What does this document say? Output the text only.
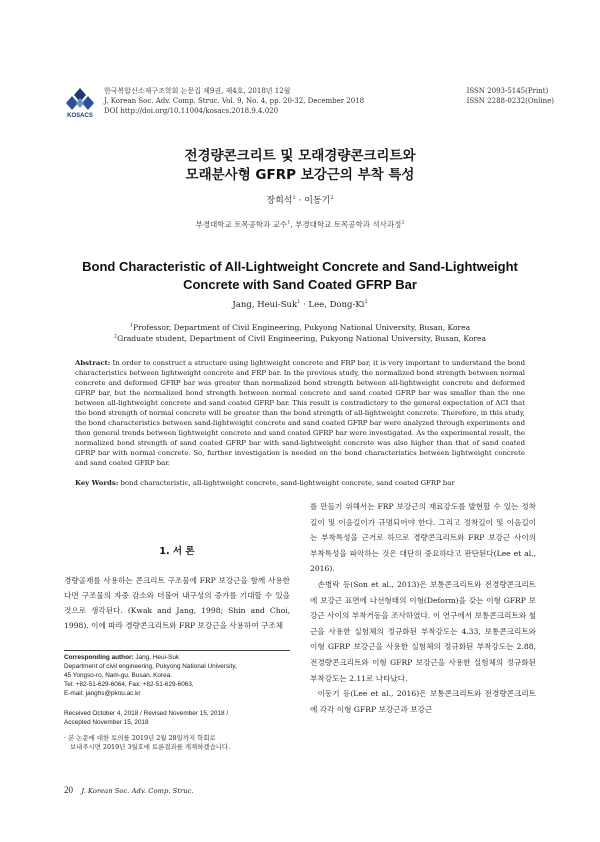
KOSACS
한국복합신소재구조학회 논문집 제9권, 제4호, 2018년 12월
J. Korean Soc. Adv. Comp. Struc. Vol. 9, No. 4, pp. 20-32, December 2018
DOI http://doi.org/10.11004/kosacs.2018.9.4.020
ISSN 2093-5145(Print)
ISSN 2288-0232(Online)
전경량콘크리트 및 모래경량콘크리트와
모래분사형 GFRP 보강근의 부착 특성
장희석$^1$ · 이동기$^2$
부경대학교 토목공학과 교수$^1$, 부경대학교 토목공학과 석사과정$^2$
Bond Characteristic of All-Lightweight Concrete and Sand-Lightweight
Concrete with Sand Coated GFRP Bar
Jang, Heui-Suk$^1$ · Lee, Dong-Ki$^2$
$^1$Professor, Department of Civil Engineering, Pukyong National University, Busan, Korea
$^2$Graduate student, Department of Civil Engineering, Pukyong National University, Busan, Korea
Abstract: In order to construct a structure using lightweight concrete and FRP bar, it is very important to understand the bond characteristics between lightweight concrete and FRP bar. In the previous study, the normalized bond strength between normal concrete and deformed GFRP bar was greater than normalized bond strength between all-lightweight concrete and deformed GFRP bar, but the normalized bond strength between normal concrete and sand coated GFRP bar was smaller than the one between all-lightweight concrete and sand coated GFRP bar. This result is contradictory to the general expectation of ACI that the bond strength of normal concrete will be greater than the bond strength of all-lightweight concrete. Therefore, in this study, the bond characteristics between sand-lightweight concrete and sand coated GFRP bar were analyzed through experiments and then general trends between lightweight concrete and sand coated GFRP bar were investigated. As the experimental result, the normalized bond strength of sand coated GFRP bar with sand-lightweight concrete was also higher than that of sand coated GFRP bar with normal concrete. So, further investigation is needed on the bond characteristics between lightweight concrete and sand coated GFRP bar.
Key Words: bond characteristic, all-lightweight concrete, sand-lightweight concrete, sand coated GFRP bar
1. 서 론
경량골재를 사용하는 콘크리트 구조물에 FRP 보강근을 함께 사용한다면 구조물의 자중 감소와 더불어 내구성의 증가를 기대할 수 있을 것으로 생각된다. (Kwak and Jang, 1998; Shin and Choi, 1998). 이에 따라 경량콘크리트와 FRP 보강근을 사용하여 구조체
Corresponding author: Jang, Heui-Suk
Department of civil engineering, Pukyong National University,
45 Yongso-ro, Nam-gu, Busan, Korea.
Tel: +82-51-629-6064, Fax: +82-51-629-6063,
E-mail: janghs@pknu.ac.kr
Received October 4, 2018 / Revised November 15, 2018 /
Accepted November 15, 2018
· 본 논문에 대한 토의를 2019년 2월 28일까지 학회로
보내주시면 2019년 3월호에 토론결과를 게재하겠습니다.

를 만들기 위해서는 FRP 보강근의 재료강도를 발현할 수 있는 정착길이 및 이음길이가 규명되어야 한다. 그리고 정착길이 및 이음길이는 부착특성을 근거로 하므로 경량콘크리트와 FRP 보강근 사이의 부착특성을 파악하는 것은 대단히 중요하다고 판단된다(Lee et al., 2016).

손병락 등(Son et al., 2013)은 보통콘크리트와 전경량콘크리트에 보강근 표면에 나선형태의 이형(Deform)을 갖는 이형 GFRP 보강근 사이의 부착거동을 조사하였다. 이 연구에서 보통콘크리트와 철근을 사용한 실험체의 정규화된 부착강도는 4.33, 보통콘크리트와 이형 GFRP 보강근을 사용한 실험체의 정규화된 부착강도는 2.88, 전경량콘크리트와 이형 GFRP 보강근을 사용한 실험체의 정규화된 부착강도는 2.11로 나타났다.

이동기 등(Lee et al., 2016)은 보통콘크리트와 전경량콘크리트에 각각 이형 GFRP 보강근과 보강근

20 J. Korean Soc. Adv. Comp. Struc.
